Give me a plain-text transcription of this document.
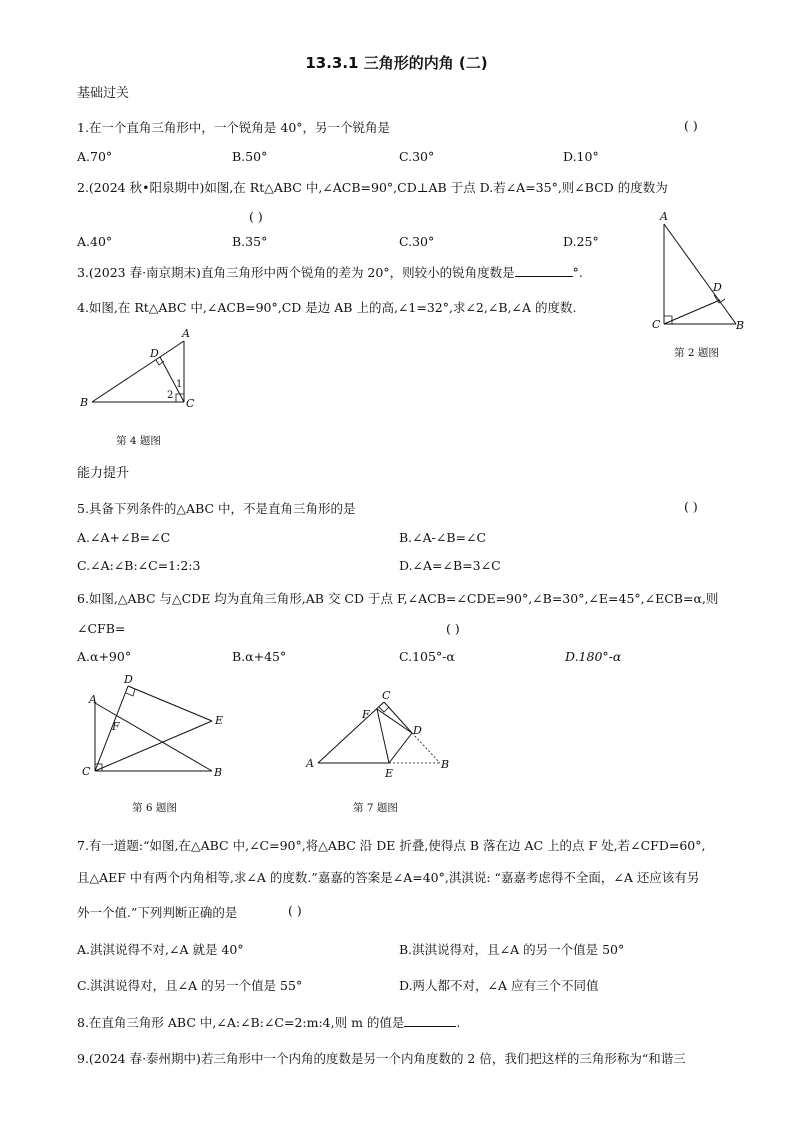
13.3.1 三角形的内角 (二)
基础过关
1.在一个直角三角形中，一个锐角是 40°，另一个锐角是	( )
A.70°	B.50°	C.30°	D.10°
2.(2024 秋•阳泉期中)如图,在 Rt△ABC 中,∠ACB=90°,CD⊥AB 于点 D.若∠A=35°,则∠BCD 的度数为
( )
A.40°	B.35°	C.30°	D.25°
A
C	B
D
第 2 题图
3.(2023 春·南京期末)直角三角形中两个锐角的差为 20°，则较小的锐角度数是	°.
4.如图,在 Rt△ABC 中,∠ACB=90°,CD 是边 AB 上的高,∠1=32°,求∠2,∠B,∠A 的度数.
A
D
B	C
1
2
第 4 题图
能力提升
5.具备下列条件的△ABC 中，不是直角三角形的是	( )
A.∠A+∠B=∠C	B.∠A-∠B=∠C
C.∠A:∠B:∠C=1:2:3	D.∠A=∠B=3∠C
6.如图,△ABC 与△CDE 均为直角三角形,AB 交 CD 于点 F,∠ACB=∠CDE=90°,∠B=30°,∠E=45°,∠ECB=α,则
∠CFB=	( )
A.α+90°	B.α+45°	C.105°-α	D.180°-α
A
D
E
F
C	B
第 6 题图
C
F
D
A
E
B
第 7 题图
7.有一道题:“如图,在△ABC 中,∠C=90°,将△ABC 沿 DE 折叠,使得点 B 落在边 AC 上的点 F 处,若∠CFD=60°,
且△AEF 中有两个内角相等,求∠A 的度数.”嘉嘉的答案是∠A=40°,淇淇说: “嘉嘉考虑得不全面，∠A 还应该有另
外一个值.”下列判断正确的是	( )
A.淇淇说得不对,∠A 就是 40°	B.淇淇说得对，且∠A 的另一个值是 50°
C.淇淇说得对，且∠A 的另一个值是 55°	D.两人都不对，∠A 应有三个不同值
8.在直角三角形 ABC 中,∠A:∠B:∠C=2:m:4,则 m 的值是	.
9.(2024 春·泰州期中)若三角形中一个内角的度数是另一个内角度数的 2 倍，我们把这样的三角形称为“和谐三
